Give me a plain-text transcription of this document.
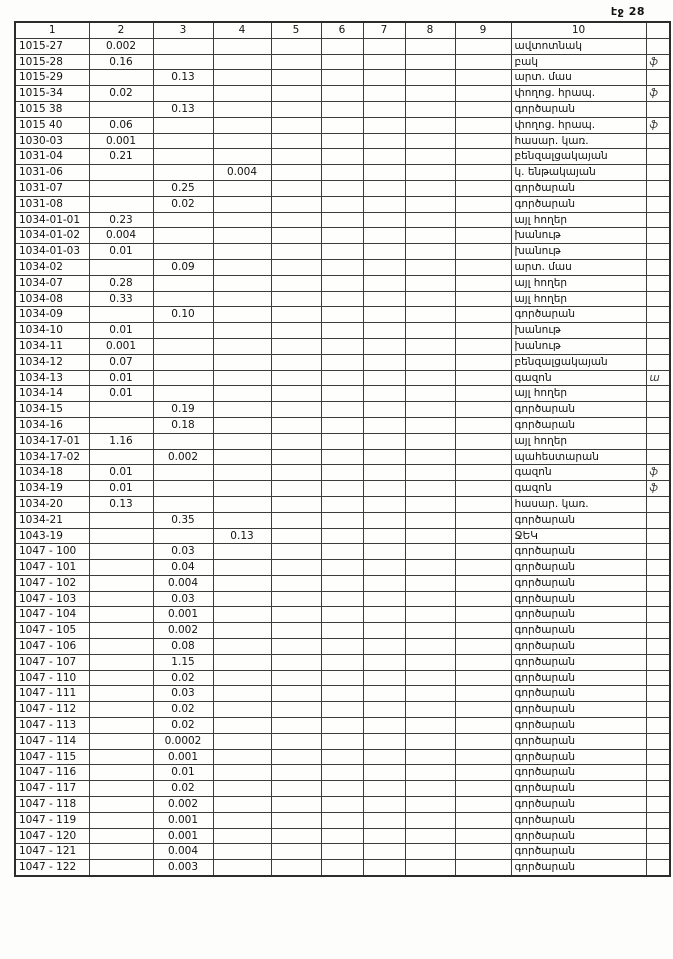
էջ 28
1	2	3	4	5	6	7	8	9	10	
1015-27	0.002								ավտոտնակ	
1015-28	0.16								բակ	ֆ
1015-29		0.13							արտ. մաս	
1015-34	0.02								փողոց. հրապ.	ֆ
1015 38		0.13							գործարան	
1015 40	0.06								փողոց. հրապ.	ֆ
1030-03	0.001								հասար. կառ.	
1031-04	0.21								բենզալցակայան	
1031-06			0.004						կ. ենթակայան	
1031-07		0.25							գործարան	
1031-08		0.02							գործարան	
1034-01-01	0.23								այլ հողեր	
1034-01-02	0.004								խանութ	
1034-01-03	0.01								խանութ	
1034-02		0.09							արտ. մաս	
1034-07	0.28								այլ հողեր	
1034-08	0.33								այլ հողեր	
1034-09		0.10							գործարան	
1034-10	0.01								խանութ	
1034-11	0.001								խանութ	
1034-12	0.07								բենզալցակայան	
1034-13	0.01								գազոն	ա
1034-14	0.01								այլ հողեր	
1034-15		0.19							գործարան	
1034-16		0.18							գործարան	
1034-17-01	1.16								այլ հողեր	
1034-17-02		0.002							պահեստարան	
1034-18	0.01								գազոն	ֆ
1034-19	0.01								գազոն	ֆ
1034-20	0.13								հասար. կառ.	
1034-21		0.35							գործարան	
1043-19			0.13						ՋԵԿ	
1047 - 100		0.03							գործարան	
1047 - 101		0.04							գործարան	
1047 - 102		0.004							գործարան	
1047 - 103		0.03							գործարան	
1047 - 104		0.001							գործարան	
1047 - 105		0.002							գործարան	
1047 - 106		0.08							գործարան	
1047 - 107		1.15							գործարան	
1047 - 110		0.02							գործարան	
1047 - 111		0.03							գործարան	
1047 - 112		0.02							գործարան	
1047 - 113		0.02							գործարան	
1047 - 114		0.0002							գործարան	
1047 - 115		0.001							գործարան	
1047 - 116		0.01							գործարան	
1047 - 117		0.02							գործարան	
1047 - 118		0.002							գործարան	
1047 - 119		0.001							գործարան	
1047 - 120		0.001							գործարան	
1047 - 121		0.004							գործարան	
1047 - 122		0.003							գործարան	
